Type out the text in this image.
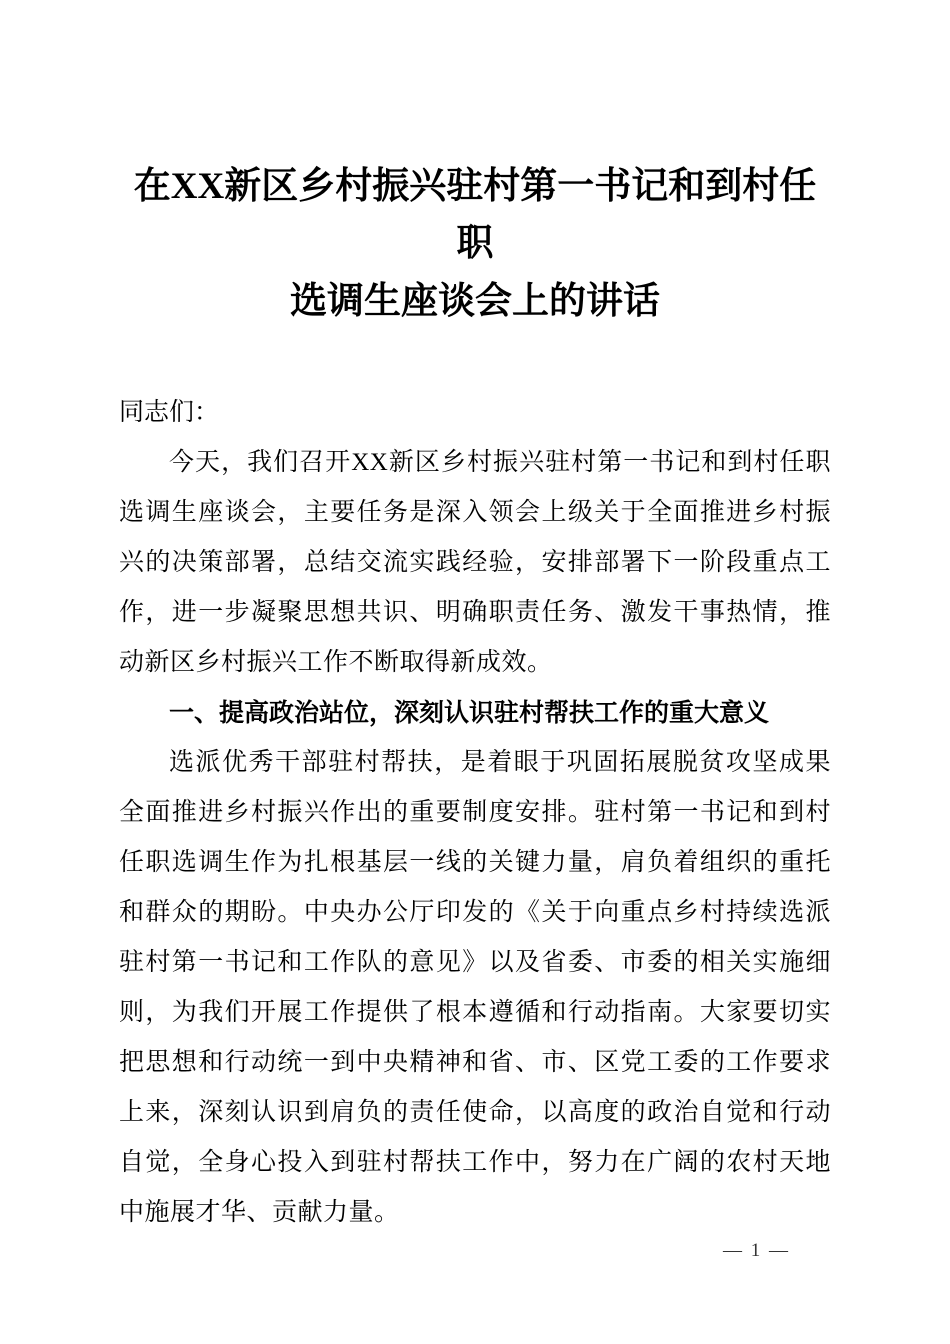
在XX新区乡村振兴驻村第一书记和到村任职
选调生座谈会上的讲话

同志们：

今天，我们召开XX新区乡村振兴驻村第一书记和到村任职选调生座谈会，主要任务是深入领会上级关于全面推进乡村振兴的决策部署，总结交流实践经验，安排部署下一阶段重点工作，进一步凝聚思想共识、明确职责任务、激发干事热情，推动新区乡村振兴工作不断取得新成效。

一、提高政治站位，深刻认识驻村帮扶工作的重大意义

选派优秀干部驻村帮扶，是着眼于巩固拓展脱贫攻坚成果全面推进乡村振兴作出的重要制度安排。驻村第一书记和到村任职选调生作为扎根基层一线的关键力量，肩负着组织的重托和群众的期盼。中央办公厅印发的《关于向重点乡村持续选派驻村第一书记和工作队的意见》以及省委、市委的相关实施细则，为我们开展工作提供了根本遵循和行动指南。大家要切实把思想和行动统一到中央精神和省、市、区党工委的工作要求上来，深刻认识到肩负的责任使命，以高度的政治自觉和行动自觉，全身心投入到驻村帮扶工作中，努力在广阔的农村天地中施展才华、贡献力量。

— 1 —
